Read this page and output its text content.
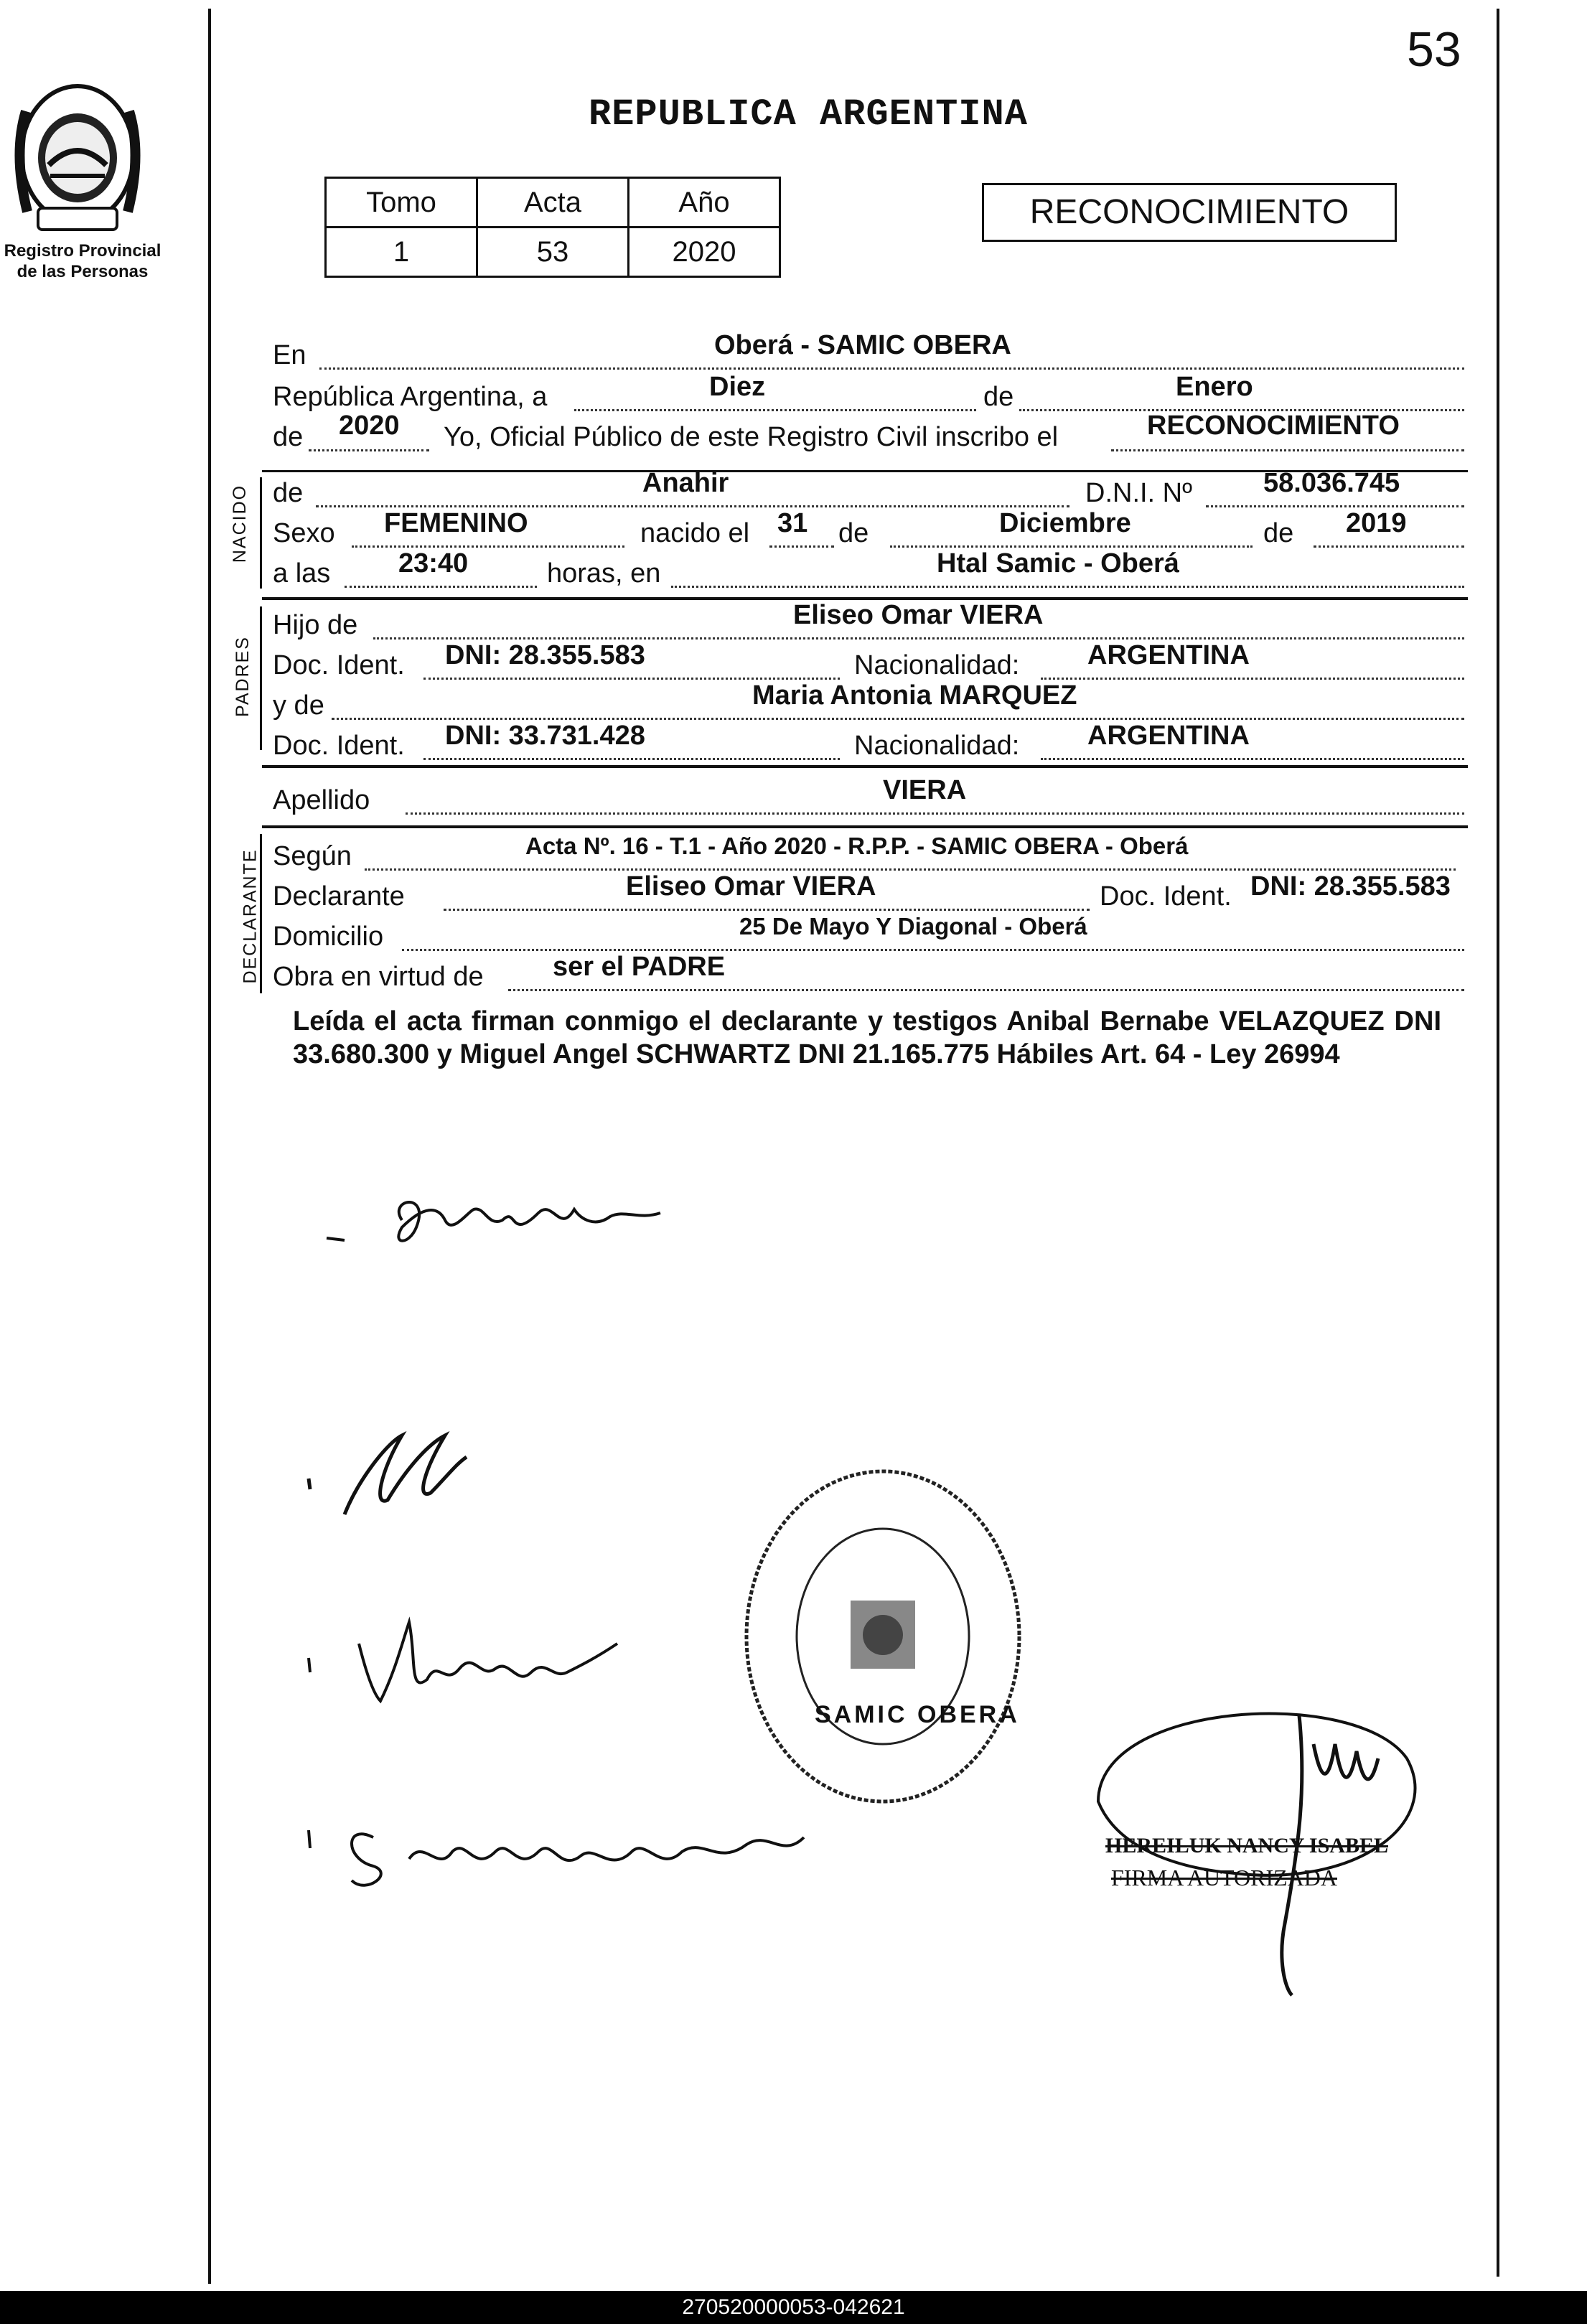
53
Registro Provincial
de las Personas
REPUBLICA ARGENTINA
Tomo	Acta	Año
1	53	2020
RECONOCIMIENTO
En	Oberá - SAMIC OBERA
República Argentina, a	Diez	de	Enero
de 2020 Yo, Oficial Público de este Registro Civil inscribo el	RECONOCIMIENTO
NACIDO de	Anahir	D.N.I. Nº	58.036.745
Sexo FEMENINO	nacido el 31 de	Diciembre	de 2019
a las 23:40	horas, en	Htal Samic - Oberá
PADRES
Hijo de	Eliseo Omar VIERA
Doc. Ident. DNI: 28.355.583	Nacionalidad: ARGENTINA
y de	Maria Antonia MARQUEZ
Doc. Ident. DNI: 33.731.428	Nacionalidad: ARGENTINA
Apellido	VIERA
DECLARANTE Según	Acta Nº. 16 - T.1 - Año 2020 - R.P.P. - SAMIC OBERA - Oberá
Declarante	Eliseo Omar VIERA	Doc. Ident. DNI: 28.355.583
Domicilio	25 De Mayo Y Diagonal - Oberá
Obra en virtud de	ser el PADRE
Leída el acta firman conmigo el declarante y testigos Anibal Bernabe VELAZQUEZ DNI 33.680.300 y Miguel Angel SCHWARTZ DNI 21.165.775 Hábiles Art. 64 - Ley 26994
SAMIC OBERA
HEREILUK NANCY ISABEL
FIRMA AUTORIZADA
270520000053-042621
